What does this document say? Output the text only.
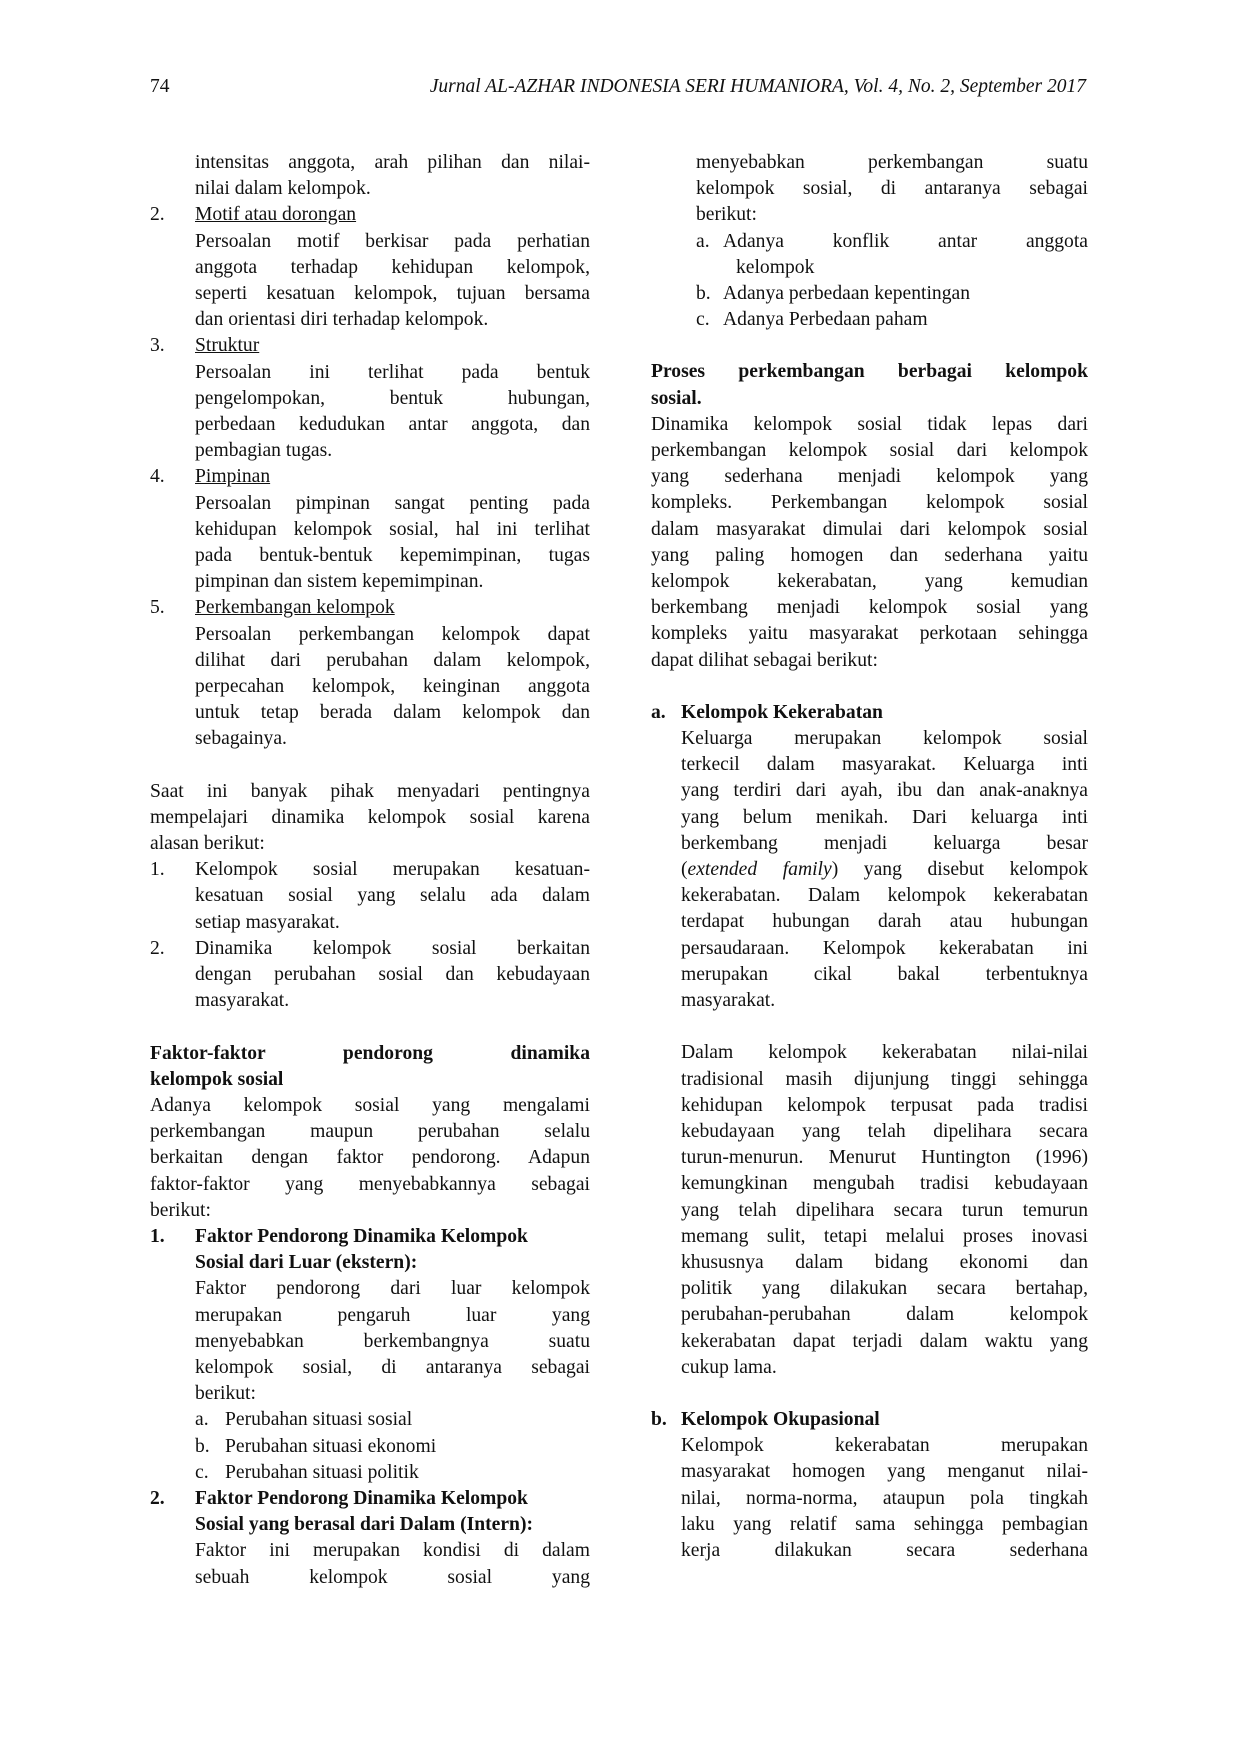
74	Jurnal AL-AZHAR INDONESIA SERI HUMANIORA, Vol. 4, No. 2, September 2017

intensitas anggota, arah pilihan dan nilai-

nilai dalam kelompok.

2.	Motif atau dorongan

Persoalan motif berkisar pada perhatian

anggota terhadap kehidupan kelompok,

seperti kesatuan kelompok, tujuan bersama

dan orientasi diri terhadap kelompok.

3.	Struktur

Persoalan ini terlihat pada bentuk

pengelompokan, bentuk hubungan,

perbedaan kedudukan antar anggota, dan

pembagian tugas.

4.	Pimpinan

Persoalan pimpinan sangat penting pada

kehidupan kelompok sosial, hal ini terlihat

pada bentuk-bentuk kepemimpinan, tugas

pimpinan dan sistem kepemimpinan.

5.	Perkembangan kelompok

Persoalan perkembangan kelompok dapat

dilihat dari perubahan dalam kelompok,

perpecahan kelompok, keinginan anggota

untuk tetap berada dalam kelompok dan

sebagainya.

Saat ini banyak pihak menyadari pentingnya

mempelajari dinamika kelompok sosial karena

alasan berikut:

1.	Kelompok sosial merupakan kesatuan-

kesatuan sosial yang selalu ada dalam

setiap masyarakat.

2.	Dinamika kelompok sosial berkaitan

dengan perubahan sosial dan kebudayaan

masyarakat.

Faktor-faktor pendorong dinamika

kelompok sosial

Adanya kelompok sosial yang mengalami

perkembangan maupun perubahan selalu

berkaitan dengan faktor pendorong. Adapun

faktor-faktor yang menyebabkannya sebagai

berikut:

1.	Faktor Pendorong Dinamika Kelompok

Sosial dari Luar (ekstern):

Faktor pendorong dari luar kelompok

merupakan pengaruh luar yang

menyebabkan berkembangnya suatu

kelompok sosial, di antaranya sebagai

berikut:

a. Perubahan situasi sosial
b. Perubahan situasi ekonomi
c. Perubahan situasi politik
2.	Faktor Pendorong Dinamika Kelompok

Sosial yang berasal dari Dalam (Intern):

Faktor ini merupakan kondisi di dalam

sebuah kelompok sosial yang

menyebabkan perkembangan suatu

kelompok sosial, di antaranya sebagai

berikut:

a. Adanya konflik antar anggota

kelompok

b. Adanya perbedaan kepentingan
c. Adanya Perbedaan paham

Proses perkembangan berbagai kelompok

sosial.

Dinamika kelompok sosial tidak lepas dari

perkembangan kelompok sosial dari kelompok

yang sederhana menjadi kelompok yang

kompleks. Perkembangan kelompok sosial

dalam masyarakat dimulai dari kelompok sosial

yang paling homogen dan sederhana yaitu

kelompok kekerabatan, yang kemudian

berkembang menjadi kelompok sosial yang

kompleks yaitu masyarakat perkotaan sehingga

dapat dilihat sebagai berikut:

a. Kelompok Kekerabatan

Keluarga merupakan kelompok sosial

terkecil dalam masyarakat. Keluarga inti

yang terdiri dari ayah, ibu dan anak-anaknya

yang belum menikah. Dari keluarga inti

berkembang menjadi keluarga besar

(extended family) yang disebut kelompok

kekerabatan. Dalam kelompok kekerabatan

terdapat hubungan darah atau hubungan

persaudaraan. Kelompok kekerabatan ini

merupakan cikal bakal terbentuknya

masyarakat.

Dalam kelompok kekerabatan nilai-nilai

tradisional masih dijunjung tinggi sehingga

kehidupan kelompok terpusat pada tradisi

kebudayaan yang telah dipelihara secara

turun-menurun. Menurut Huntington (1996)

kemungkinan mengubah tradisi kebudayaan

yang telah dipelihara secara turun temurun

memang sulit, tetapi melalui proses inovasi

khususnya dalam bidang ekonomi dan

politik yang dilakukan secara bertahap,

perubahan-perubahan dalam kelompok

kekerabatan dapat terjadi dalam waktu yang

cukup lama.

b. Kelompok Okupasional

Kelompok kekerabatan merupakan

masyarakat homogen yang menganut nilai-

nilai, norma-norma, ataupun pola tingkah

laku yang relatif sama sehingga pembagian

kerja dilakukan secara sederhana
